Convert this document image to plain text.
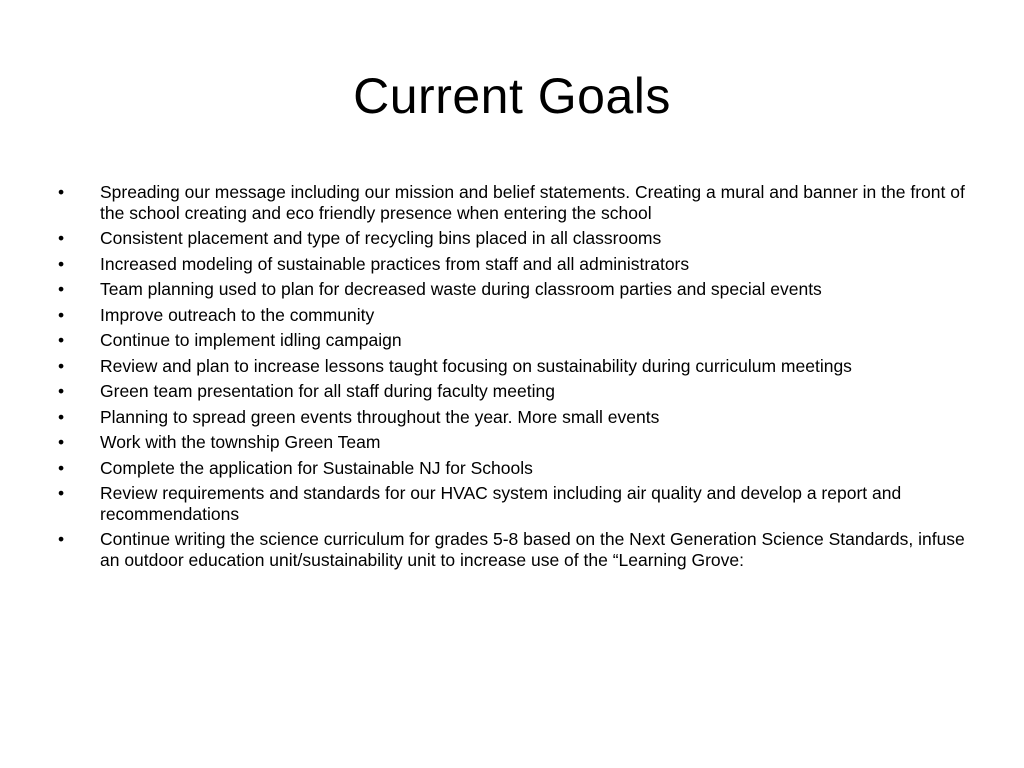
Current Goals
•	Spreading our message including our mission and belief statements. Creating a mural and banner in the front of the school creating and eco friendly presence when entering the school
•	Consistent placement and type of recycling bins placed in all classrooms
•	Increased modeling of sustainable practices from staff and all administrators
•	Team planning used to plan for decreased waste during classroom parties and special events
•	Improve outreach to the community
•	Continue to implement idling campaign
•	Review and plan to increase lessons taught focusing on sustainability during curriculum meetings
•	Green team presentation for all staff during faculty meeting
•	Planning to spread green events throughout the year. More small events
•	Work with the township Green Team
•	Complete the application for Sustainable NJ for Schools
•	Review requirements and standards for our HVAC system including air quality and develop a report and recommendations
•	Continue writing the science curriculum for grades 5-8 based on the Next Generation Science Standards, infuse an outdoor education unit/sustainability unit to increase use of the “Learning Grove:
